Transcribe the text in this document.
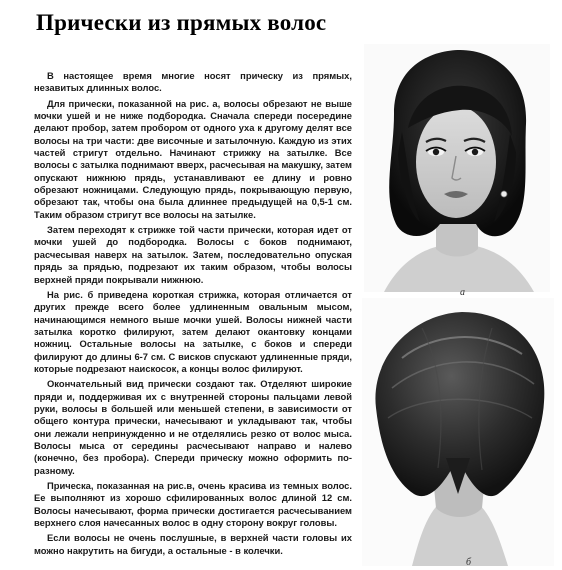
Прически из прямых волос

В настоящее время многие носят прическу из прямых, незавитых длинных волос.

Для прически, показанной на рис. а, волосы обрезают не выше мочки ушей и не ниже подбородка. Сначала спереди посередине делают пробор, затем пробором от одного уха к другому делят все волосы на три части: две височные и затылочную. Каждую из этих частей стригут отдельно. Начинают стрижку на затылке. Все волосы с затылка поднимают вверх, расчесывая на макушку, затем опускают нижнюю прядь, устанавливают ее длину и ровно обрезают ножницами. Следующую прядь, покрывающую первую, обрезают так, чтобы она была длиннее предыдущей на 0,5-1 см. Таким образом стригут все волосы на затылке.

Затем переходят к стрижке той части прически, которая идет от мочки ушей до подбородка. Волосы с боков поднимают, расчесывая наверх на затылок. Затем, последовательно опуская прядь за прядью, подрезают их таким образом, чтобы волосы верхней пряди покрывали нижнюю.

На рис. б приведена короткая стрижка, которая отличается от других прежде всего более удлиненным овальным мысом, начинающимся немного выше мочки ушей. Волосы нижней части затылка коротко филируют, затем делают окантовку концами ножниц. Остальные волосы на затылке, с боков и спереди филируют до длины 6-7 см. С висков спускают удлиненные пряди, которые подрезают наискосок, а концы волос филируют.

Окончательный вид прически создают так. Отделяют широкие пряди и, поддерживая их с внутренней стороны пальцами левой руки, волосы в большей или меньшей степени, в зависимости от общего контура прически, начесывают и укладывают так, чтобы они лежали непринужденно и не отделялись резко от волос мыса. Волосы мыса от середины расчесывают направо и налево (конечно, без пробора). Спереди прическу можно оформить по-разному.

Прическа, показанная на рис.в, очень красива из темных волос. Ее выполняют из хорошо сфилированных волос длиной 12 см. Волосы начесывают, форма прически достигается расчесыванием верхнего слоя начесанных волос в одну сторону вокруг головы.

Если волосы не очень послушные, в верхней части головы их можно накрутить на бигуди, а остальные - в колечки.

а
б
